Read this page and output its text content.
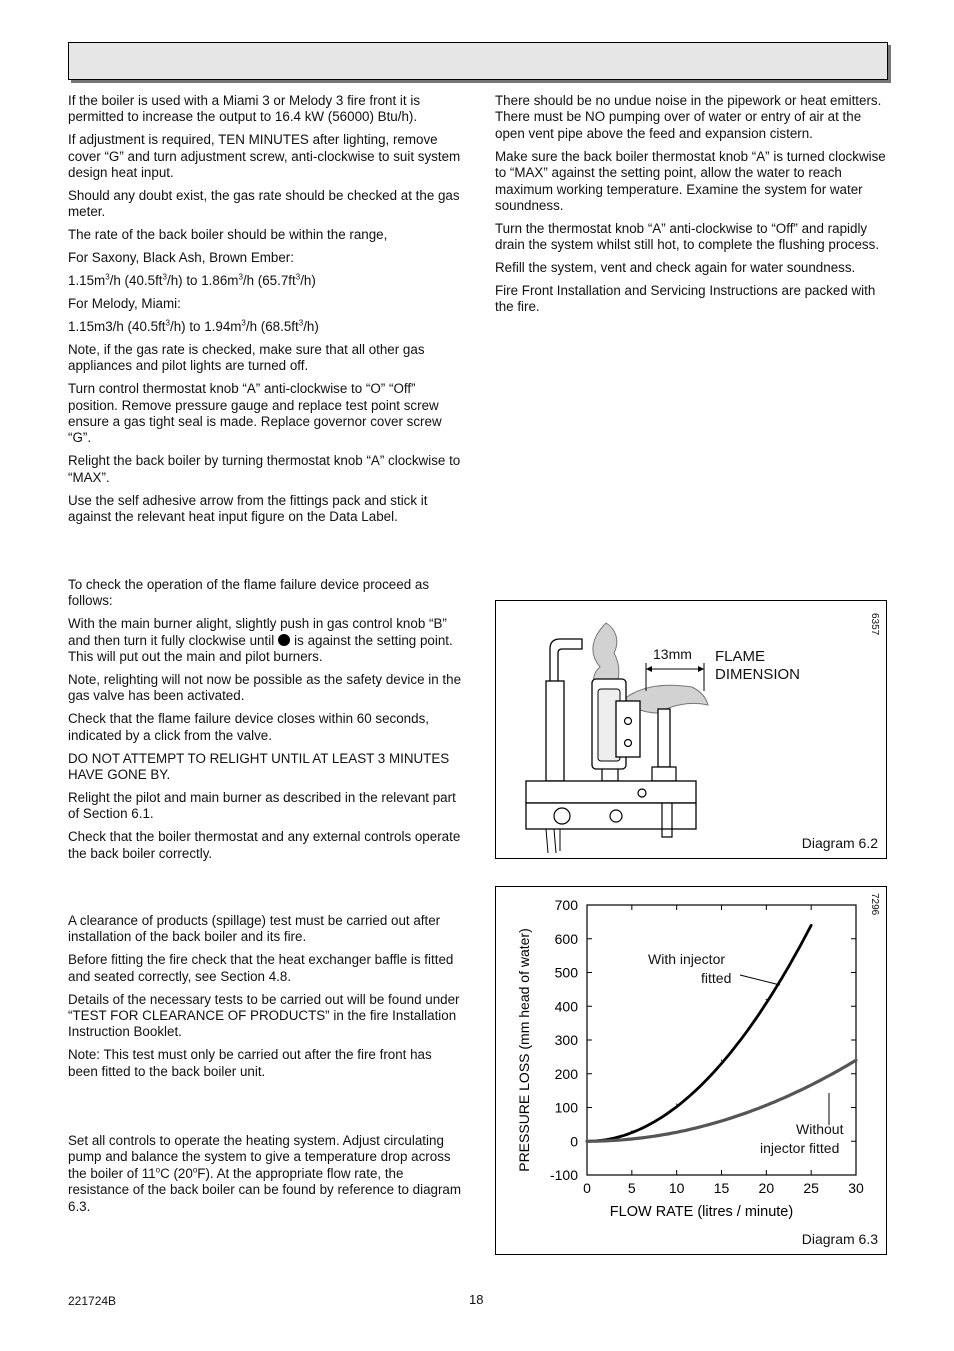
If the boiler is used with a Miami 3 or Melody 3 fire front it is permitted to increase the output to 16.4 kW (56000) Btu/h).

If adjustment is required, TEN MINUTES after lighting, remove cover “G” and turn adjustment screw, anti-clockwise to suit system design heat input.

Should any doubt exist, the gas rate should be checked at the gas meter.

The rate of the back boiler should be within the range,

For Saxony, Black Ash, Brown Ember:

$1.15m^3/h$ $(40.5ft^3/h)$ to $1.86m^3/h$ $(65.7ft^3/h)$

For Melody, Miami:

1.15m3/h $(40.5ft^3/h)$ to $1.94m^3/h$ $(68.5ft^3/h)$

Note, if the gas rate is checked, make sure that all other gas appliances and pilot lights are turned off.

Turn control thermostat knob “A” anti-clockwise to “O” “Off” position. Remove pressure gauge and replace test point screw ensure a gas tight seal is made. Replace governor cover screw “G”.

Relight the back boiler by turning thermostat knob “A” clockwise to “MAX”.

Use the self adhesive arrow from the fittings pack and stick it against the relevant heat input figure on the Data Label.

To check the operation of the flame failure device proceed as follows:

With the main burner alight, slightly push in gas control knob “B” and then turn it fully clockwise until is against the setting point. This will put out the main and pilot burners.

Note, relighting will not now be possible as the safety device in the gas valve has been activated.

Check that the flame failure device closes within 60 seconds, indicated by a click from the valve.

DO NOT ATTEMPT TO RELIGHT UNTIL AT LEAST 3 MINUTES HAVE GONE BY.

Relight the pilot and main burner as described in the relevant part of Section 6.1.

Check that the boiler thermostat and any external controls operate the back boiler correctly.

A clearance of products (spillage) test must be carried out after installation of the back boiler and its fire.

Before fitting the fire check that the heat exchanger baffle is fitted and seated correctly, see Section 4.8.

Details of the necessary tests to be carried out will be found under “TEST FOR CLEARANCE OF PRODUCTS” in the fire Installation Instruction Booklet.

Note: This test must only be carried out after the fire front has been fitted to the back boiler unit.

Set all controls to operate the heating system. Adjust circulating pump and balance the system to give a temperature drop across the boiler of 11$^o$C (20$^o$F). At the appropriate flow rate, the resistance of the back boiler can be found by reference to diagram 6.3.

There should be no undue noise in the pipework or heat emitters. There must be NO pumping over of water or entry of air at the open vent pipe above the feed and expansion cistern.

Make sure the back boiler thermostat knob “A” is turned clockwise to “MAX” against the setting point, allow the water to reach maximum working temperature. Examine the system for water soundness.

Turn the thermostat knob “A” anti-clockwise to “Off” and rapidly drain the system whilst still hot, to complete the flushing process.

Refill the system, vent and check again for water soundness.

Fire Front Installation and Servicing Instructions are packed with the fire.

13mm FLAME
DIMENSION
6357
Diagram 6.2
-100
0
100
200
300
400
500
600
700
0	5 10 15 20 25 30
FLOW RATE (litres / minute)
PRESSURE LOSS (mm head of water)
7296
With injector
fitted
Without
injector fitted
Diagram 6.3
221724B	18
